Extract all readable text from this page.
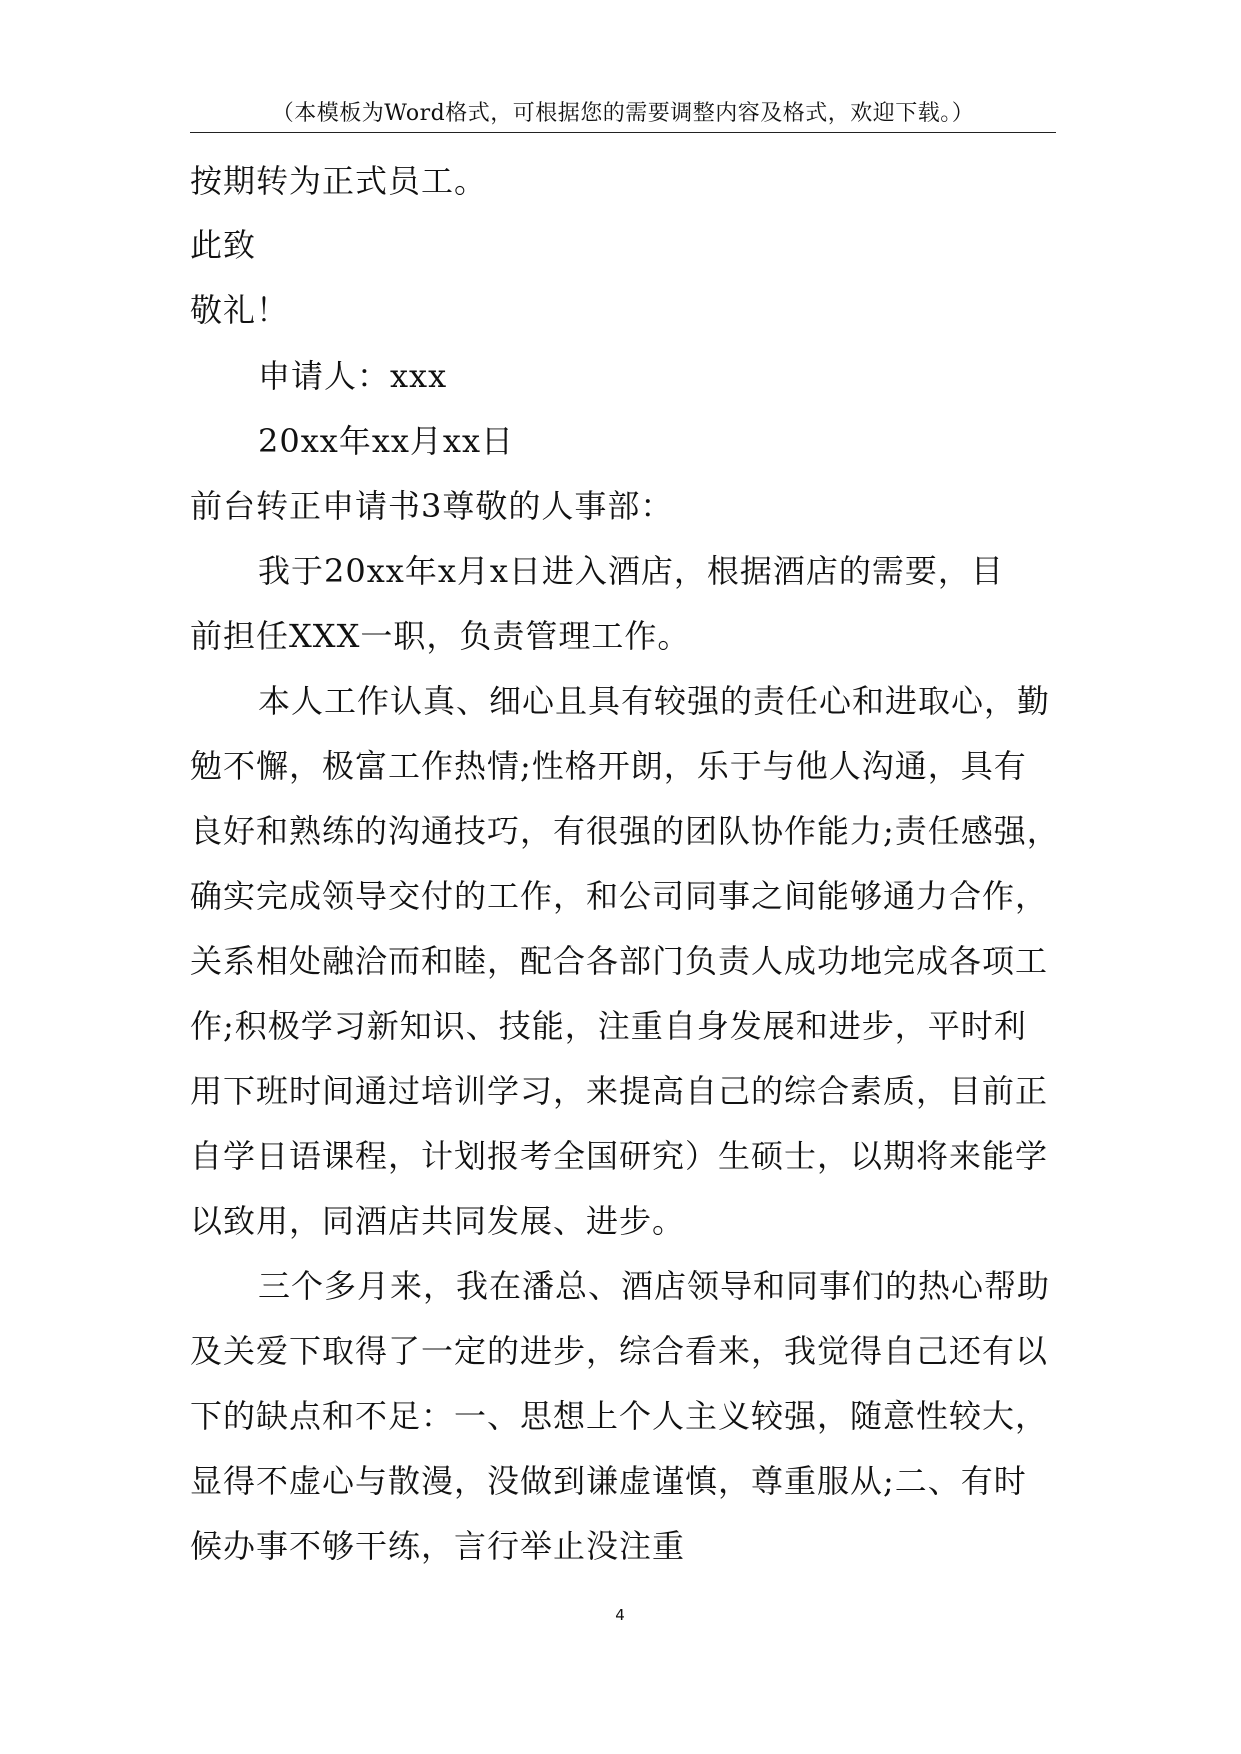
（本模板为Word格式，可根据您的需要调整内容及格式，欢迎下载。）
按期转为正式员工。
此致
敬礼！
申请人：xxx
20xx年xx月xx日
前台转正申请书3尊敬的人事部：
我于20xx年x月x日进入酒店，根据酒店的需要，目
前担任XXX一职，负责管理工作。
本人工作认真、细心且具有较强的责任心和进取心，勤
勉不懈，极富工作热情;性格开朗，乐于与他人沟通，具有
良好和熟练的沟通技巧，有很强的团队协作能力;责任感强，
确实完成领导交付的工作，和公司同事之间能够通力合作，
关系相处融洽而和睦，配合各部门负责人成功地完成各项工
作;积极学习新知识、技能，注重自身发展和进步，平时利
用下班时间通过培训学习，来提高自己的综合素质，目前正
自学日语课程，计划报考全国研究）生硕士，以期将来能学
以致用，同酒店共同发展、进步。
三个多月来，我在潘总、酒店领导和同事们的热心帮助
及关爱下取得了一定的进步，综合看来，我觉得自己还有以
下的缺点和不足：一、思想上个人主义较强，随意性较大，
显得不虚心与散漫，没做到谦虚谨慎，尊重服从;二、有时
候办事不够干练，言行举止没注重
4
